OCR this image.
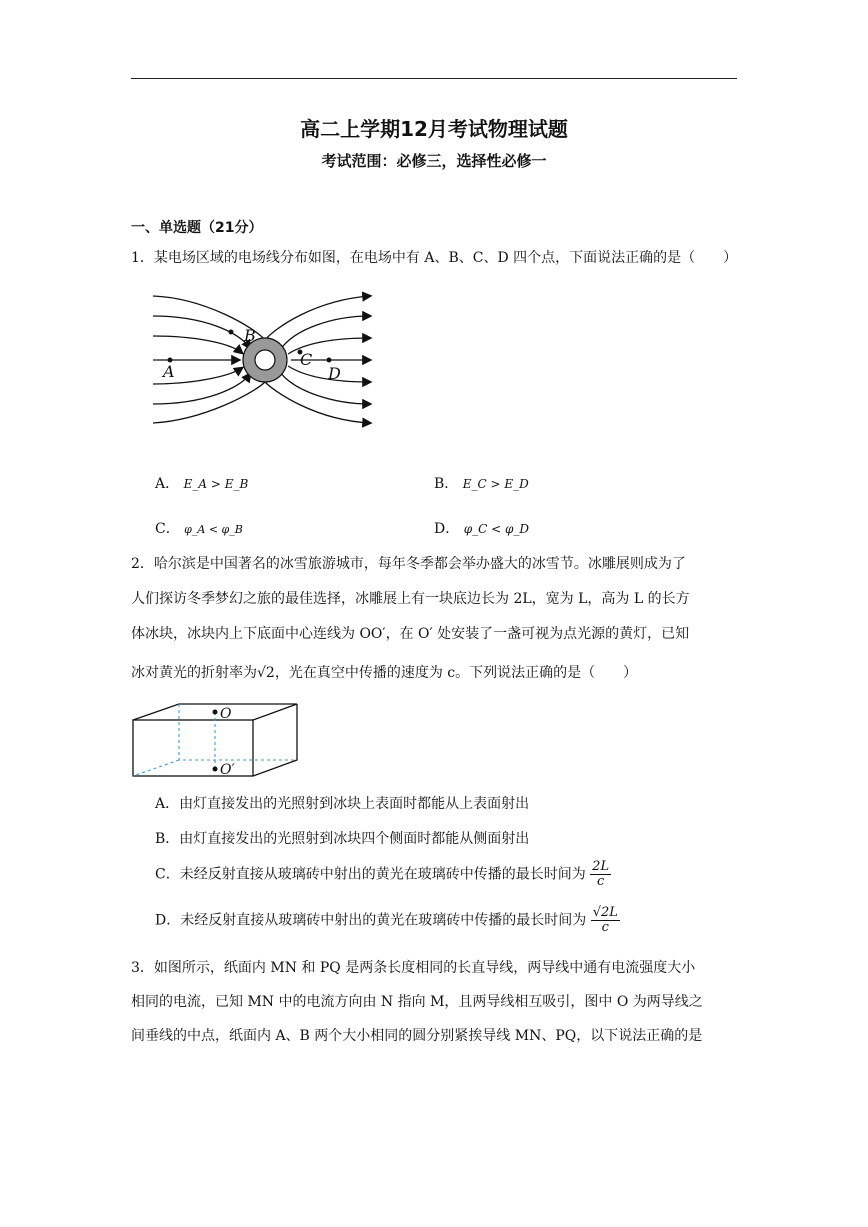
高二上学期12月考试物理试题
考试范围：必修三，选择性必修一
一、单选题（21分）
1．某电场区域的电场线分布如图，在电场中有 A、B、C、D 四个点，下面说法正确的是（　　）
A
B
C
D
A． E_A > E_B	B． E_C > E_D
C． φ_A < φ_B	D． φ_C < φ_D
2．哈尔滨是中国著名的冰雪旅游城市，每年冬季都会举办盛大的冰雪节。冰雕展则成为了
人们探访冬季梦幻之旅的最佳选择，冰雕展上有一块底边长为 2L，宽为 L，高为 L 的长方
体冰块，冰块内上下底面中心连线为 OO′，在 O′ 处安装了一盏可视为点光源的黄灯，已知
冰对黄光的折射率为√2，光在真空中传播的速度为 c。下列说法正确的是（　　）
O
O′
A．由灯直接发出的光照射到冰块上表面时都能从上表面射出
B．由灯直接发出的光照射到冰块四个侧面时都能从侧面射出
C．未经反射直接从玻璃砖中射出的黄光在玻璃砖中传播的最长时间为 $\frac{2L}{c}$
D．未经反射直接从玻璃砖中射出的黄光在玻璃砖中传播的最长时间为 $\frac{√2L}{c}$
3．如图所示，纸面内 MN 和 PQ 是两条长度相同的长直导线，两导线中通有电流强度大小
相同的电流，已知 MN 中的电流方向由 N 指向 M，且两导线相互吸引，图中 O 为两导线之
间垂线的中点，纸面内 A、B 两个大小相同的圆分别紧挨导线 MN、PQ，以下说法正确的是
